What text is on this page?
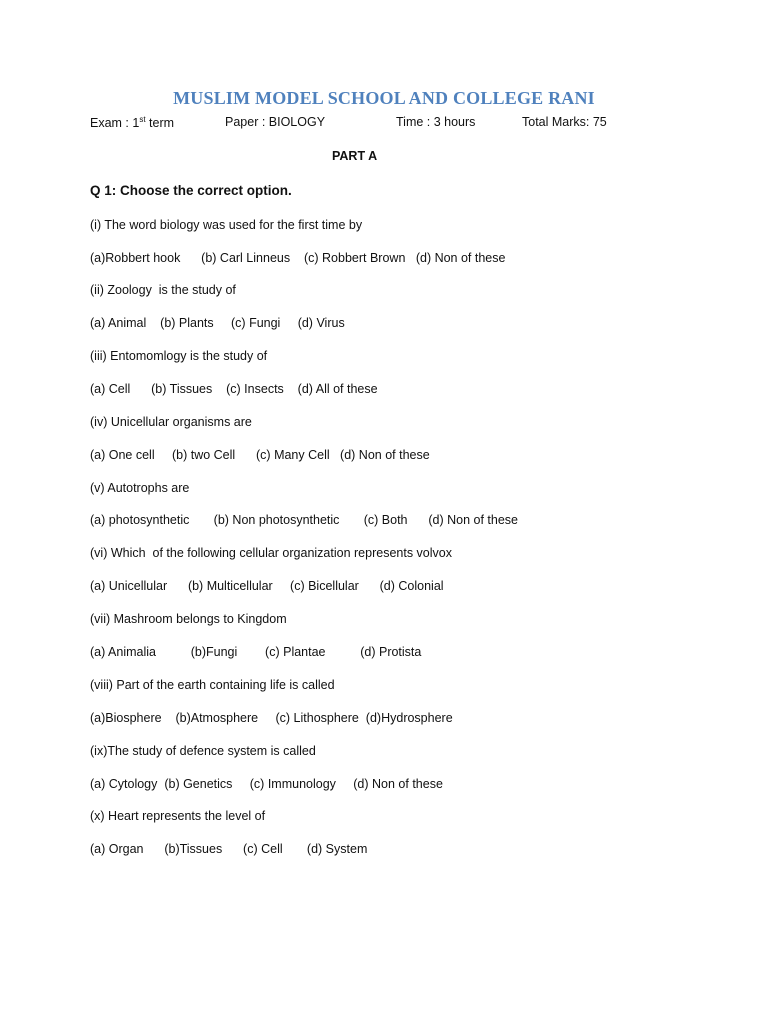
MUSLIM MODEL SCHOOL AND COLLEGE RANI
Exam : 1st term	Paper : BIOLOGY	Time : 3 hours	Total Marks: 75
PART A
Q 1: Choose the correct option.
(i) The word biology was used for the first time by
(a)Robbert hook      (b) Carl Linneus    (c) Robbert Brown   (d) Non of these
(ii) Zoology  is the study of
(a) Animal    (b) Plants     (c) Fungi     (d) Virus
(iii) Entomomlogy is the study of
(a) Cell      (b) Tissues    (c) Insects    (d) All of these
(iv) Unicellular organisms are
(a) One cell     (b) two Cell      (c) Many Cell   (d) Non of these
(v) Autotrophs are
(a) photosynthetic       (b) Non photosynthetic       (c) Both      (d) Non of these
(vi) Which  of the following cellular organization represents volvox
(a) Unicellular      (b) Multicellular     (c) Bicellular      (d) Colonial
(vii) Mashroom belongs to Kingdom
(a) Animalia          (b)Fungi        (c) Plantae          (d) Protista
(viii) Part of the earth containing life is called
(a)Biosphere    (b)Atmosphere     (c) Lithosphere  (d)Hydrosphere
(ix)The study of defence system is called
(a) Cytology  (b) Genetics     (c) Immunology     (d) Non of these
(x) Heart represents the level of
(a) Organ      (b)Tissues      (c) Cell       (d) System
